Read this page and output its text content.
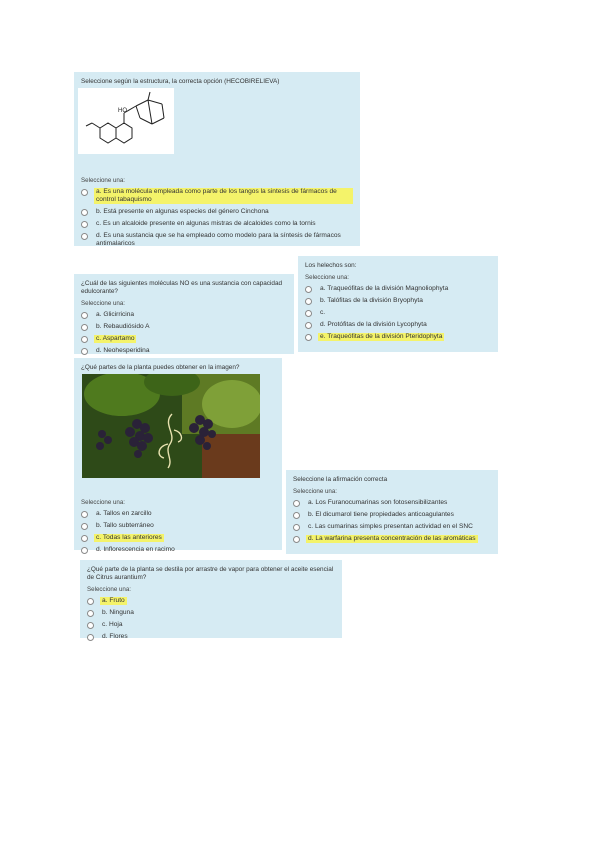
Seleccione según la estructura, la correcta opción (HECOBIRELIEVA)
HO
Seleccione una:
a. Es una molécula empleada como parte de los tangos la sintesis de fármacos de control tabaquismo
b. Está presente en algunas especies del género Cinchona
c. Es un alcaloide presente en algunas mistras de alcaloides como la tornis
d. Es una sustancia que se ha empleado como modelo para la síntesis de fármacos antimalaricos
Los helechos son:
Seleccione una:
a. Traqueófitas de la división Magnoliophyta
b. Talófitas de la división Bryophyta
c.
d. Protófitas de la división Lycophyta
e. Traqueófitas de la división Pteridophyta
¿Cuál de las siguientes moléculas NO es una sustancia con capacidad edulcorante?
Seleccione una:
a. Glicirricina
b. Rebaudiósido A
c. Aspartamo
d. Neohesperidina
¿Qué partes de la planta puedes obtener en la imagen?
Seleccione una:
a. Tallos en zarcillo
b. Tallo subterráneo
c. Todas las anteriores
d. Inflorescencia en racimo
Seleccione la afirmación correcta
Seleccione una:
a. Los Furanocumarinas son fotosensibilizantes
b. El dicumarol tiene propiedades anticoagulantes
c. Las cumarinas simples presentan actividad en el SNC
d. La warfarina presenta concentración de las aromáticas
¿Qué parte de la planta se destila por arrastre de vapor para obtener el aceite esencial de Citrus aurantium?
Seleccione una:
a. Fruto
b. Ninguna
c. Hoja
d. Flores
